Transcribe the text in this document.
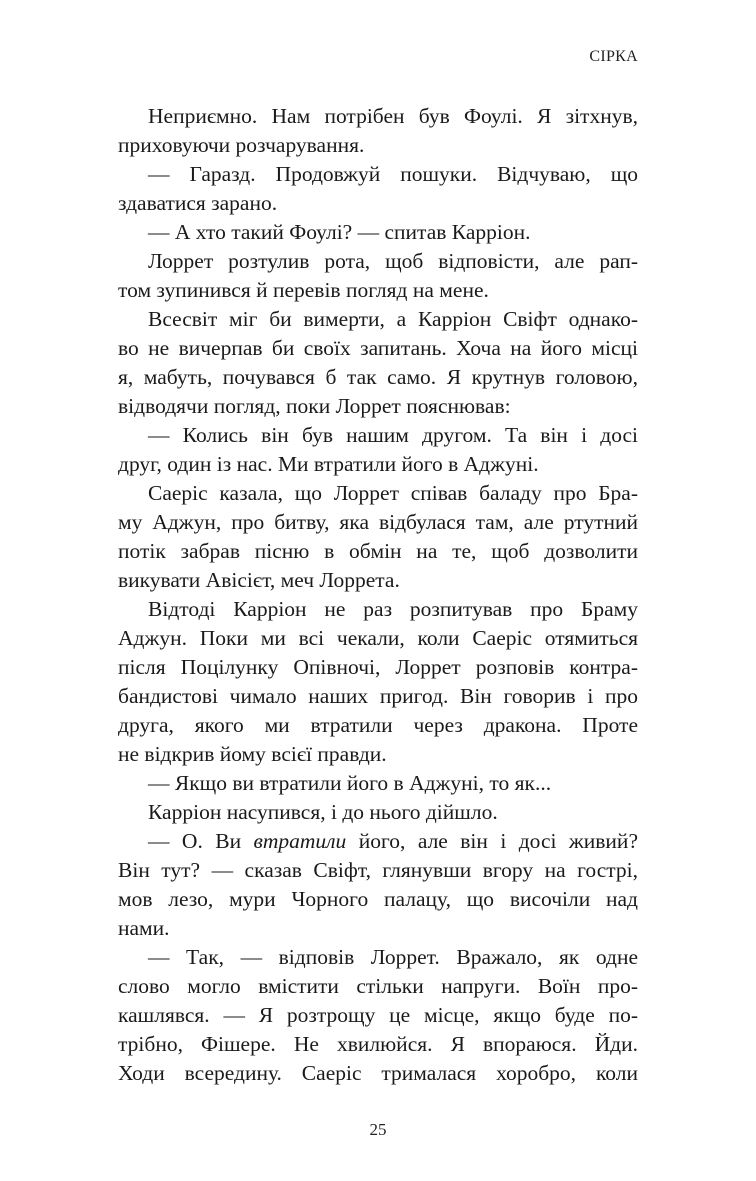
СІРКА
Неприємно. Нам потрібен був Фоулі. Я зітхнув,
приховуючи розчарування.
— Гаразд. Продовжуй пошуки. Відчуваю, що
здаватися зарано.
— А хто такий Фоулі? — спитав Карріон.
Лоррет розтулив рота, щоб відповісти, але рап-
том зупинився й перевів погляд на мене.
Всесвіт міг би вимерти, а Карріон Свіфт однако-
во не вичерпав би своїх запитань. Хоча на його місці
я, мабуть, почувався б так само. Я крутнув головою,
відводячи погляд, поки Лоррет пояснював:
— Колись він був нашим другом. Та він і досі
друг, один із нас. Ми втратили його в Аджуні.
Саеріс казала, що Лоррет співав баладу про Бра-
му Аджун, про битву, яка відбулася там, але ртутний
потік забрав пісню в обмін на те, щоб дозволити
викувати Авісієт, меч Лоррета.
Відтоді Карріон не раз розпитував про Браму
Аджун. Поки ми всі чекали, коли Саеріс отямиться
після Поцілунку Опівночі, Лоррет розповів контра-
бандистові чимало наших пригод. Він говорив і про
друга, якого ми втратили через дракона. Проте
не відкрив йому всієї правди.
— Якщо ви втратили його в Аджуні, то як...
Карріон насупився, і до нього дійшло.
— О. Ви втратили його, але він і досі живий?
Він тут? — сказав Свіфт, глянувши вгору на гострі,
мов лезо, мури Чорного палацу, що височіли над
нами.
— Так, — відповів Лоррет. Вражало, як одне
слово могло вмістити стільки напруги. Воїн про-
кашлявся. — Я розтрощу це місце, якщо буде по-
трібно, Фішере. Не хвилюйся. Я впораюся. Йди.
Ходи всередину. Саеріс трималася хоробро, коли
25
